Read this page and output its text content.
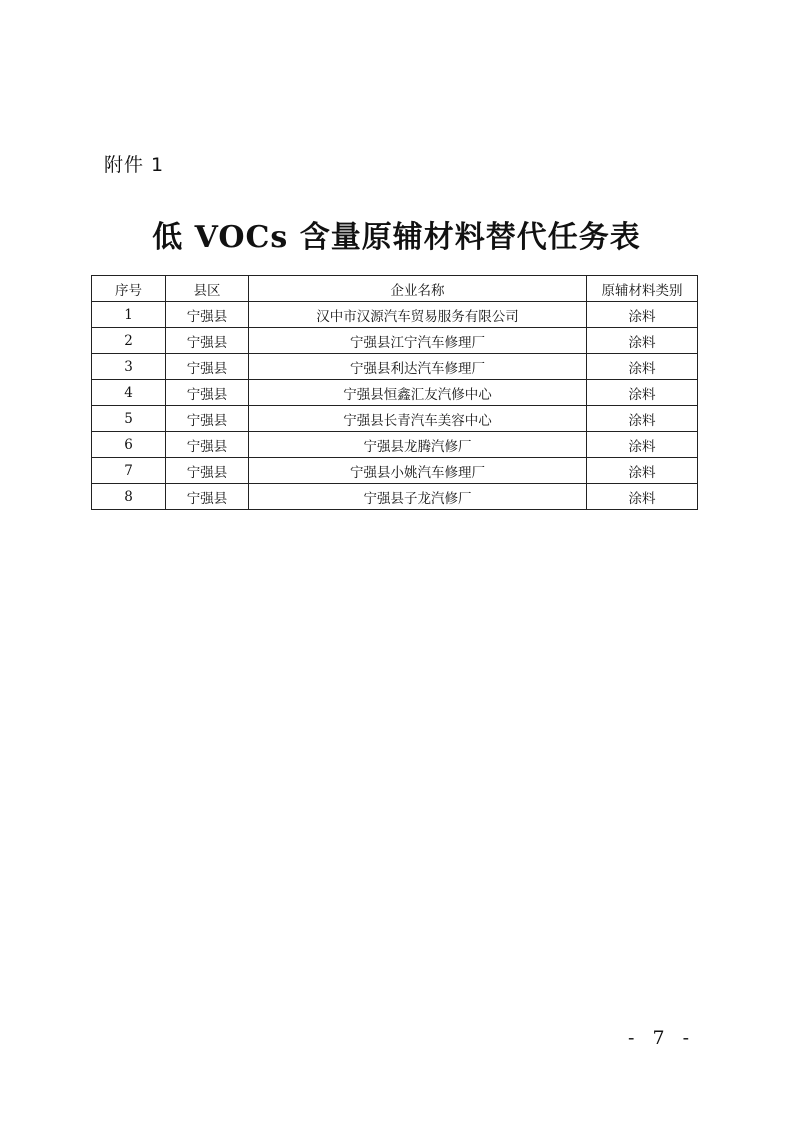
附件 1
低 VOCs 含量原辅材料替代任务表
序号	县区	企业名称	原辅材料类别
1	宁强县	汉中市汉源汽车贸易服务有限公司	涂料
2	宁强县	宁强县江宁汽车修理厂	涂料
3	宁强县	宁强县利达汽车修理厂	涂料
4	宁强县	宁强县恒鑫汇友汽修中心	涂料
5	宁强县	宁强县长青汽车美容中心	涂料
6	宁强县	宁强县龙腾汽修厂	涂料
7	宁强县	宁强县小姚汽车修理厂	涂料
8	宁强县	宁强县子龙汽修厂	涂料
- 7 -
